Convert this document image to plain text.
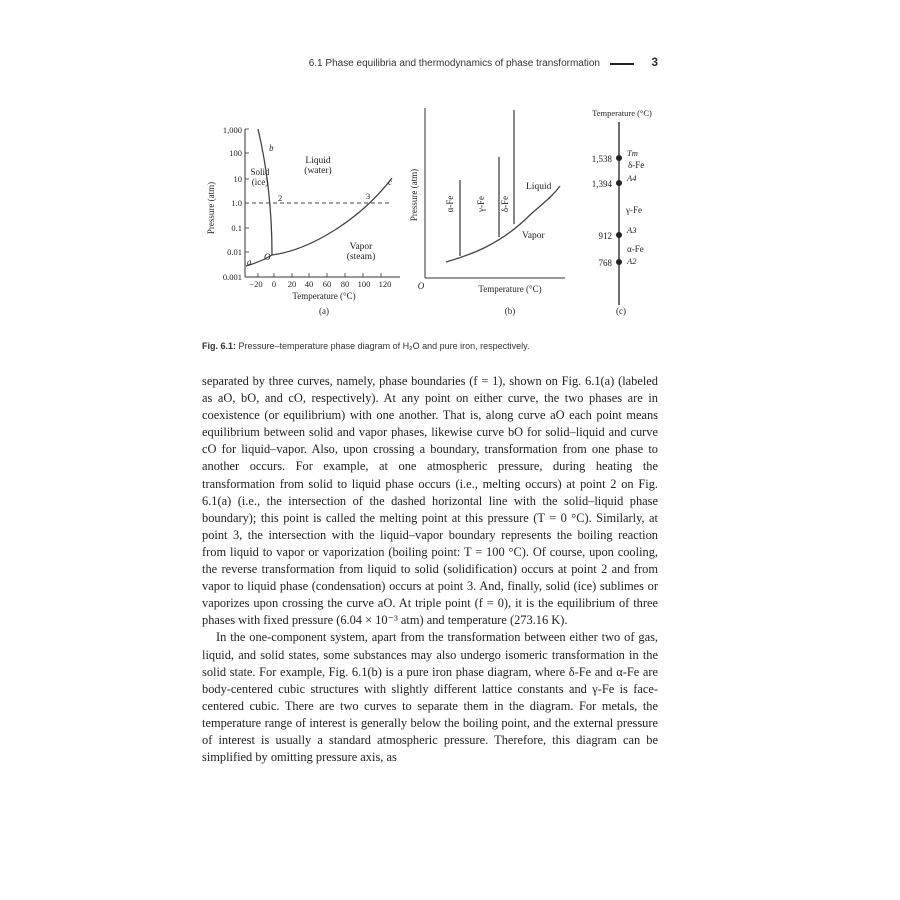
6.1 Phase equilibria and thermodynamics of phase transformation	3
Pressure (atm)
1,000
100
10
1.0
0.1
0.01
0.001
−20 0 20 40 60 80 100 120
Temperature (°C)
(a)
b
c
a O
2	3
Solid
(ice)
Liquid
(water)
Vapor
(steam)
Pressure (atm)
O	Temperature (°C)
(b)
α-Fe γ-Fe δ-Fe
Liquid
Vapor
Temperature (°C)
1,538
1,394
912
768
Tm
A4
A3
A2
δ-Fe
γ-Fe
α-Fe
(c)
Fig. 6.1: Pressure–temperature phase diagram of H₂O and pure iron, respectively.

separated by three curves, namely, phase boundaries (f = 1), shown on Fig. 6.1(a) (labeled as aO, bO, and cO, respectively). At any point on either curve, the two phases are in coexistence (or equilibrium) with one another. That is, along curve aO each point means equilibrium between solid and vapor phases, likewise curve bO for solid–liquid and curve cO for liquid–vapor. Also, upon crossing a boundary, transformation from one phase to another occurs. For example, at one atmospheric pressure, during heating the transformation from solid to liquid phase occurs (i.e., melting occurs) at point 2 on Fig. 6.1(a) (i.e., the intersection of the dashed horizontal line with the solid–liquid phase boundary); this point is called the melting point at this pressure (T = 0 °C). Similarly, at point 3, the intersection with the liquid–vapor boundary represents the boiling reaction from liquid to vapor or vaporization (boiling point: T = 100 °C). Of course, upon cooling, the reverse transformation from liquid to solid (solidification) occurs at point 2 and from vapor to liquid phase (condensation) occurs at point 3. And, finally, solid (ice) sublimes or vaporizes upon crossing the curve aO. At triple point (f = 0), it is the equilibrium of three phases with fixed pressure (6.04 × 10⁻³ atm) and temperature (273.16 K).

In the one-component system, apart from the transformation between either two of gas, liquid, and solid states, some substances may also undergo isomeric transformation in the solid state. For example, Fig. 6.1(b) is a pure iron phase diagram, where δ-Fe and α-Fe are body-centered cubic structures with slightly different lattice constants and γ-Fe is face-centered cubic. There are two curves to separate them in the diagram. For metals, the temperature range of interest is generally below the boiling point, and the external pressure of interest is usually a standard atmospheric pressure. Therefore, this diagram can be simplified by omitting pressure axis, as
